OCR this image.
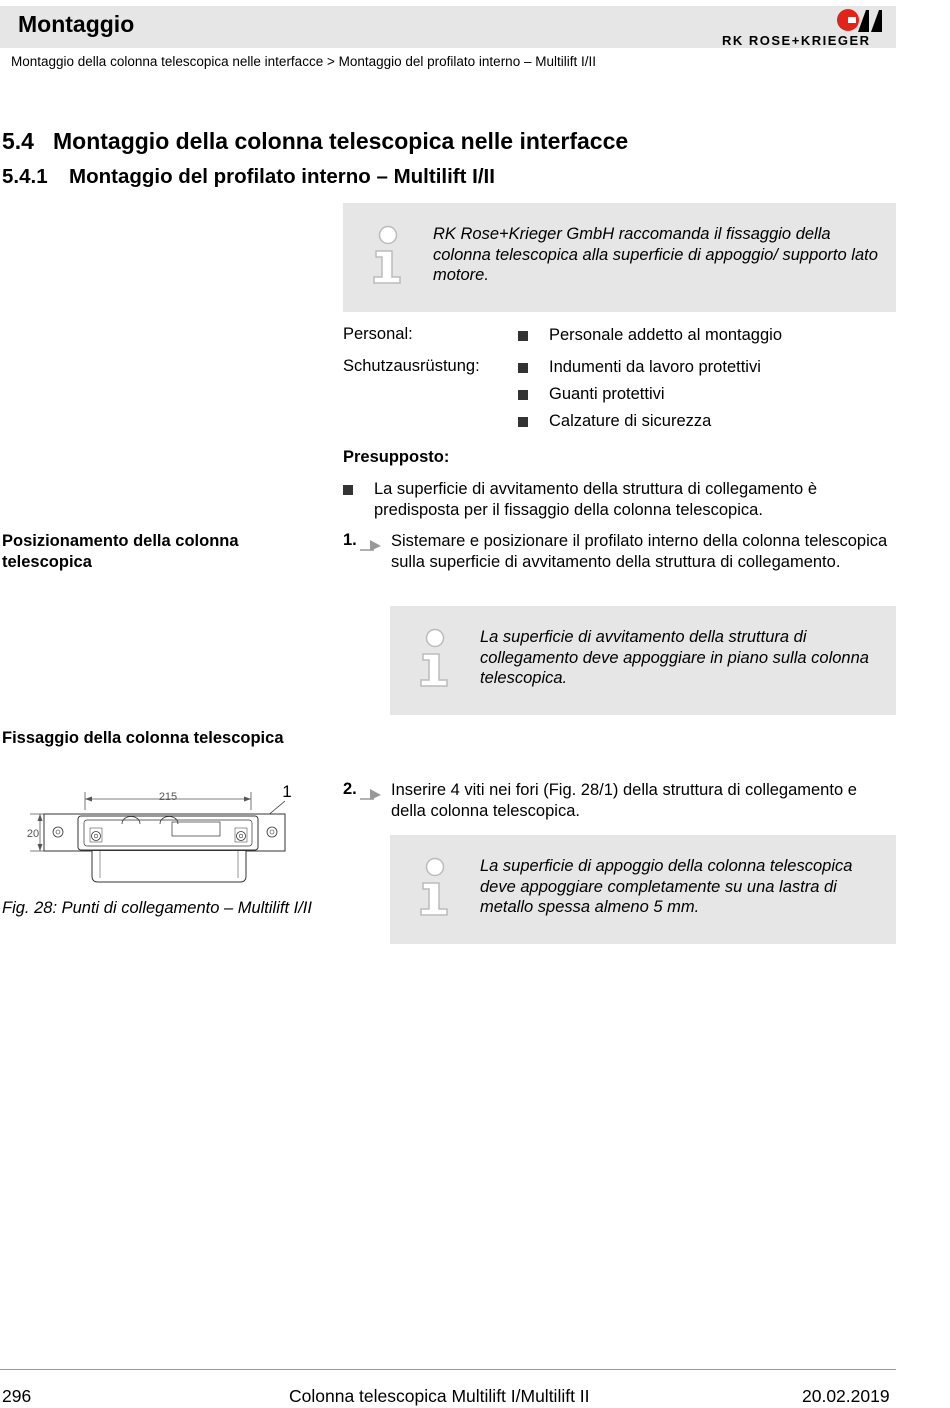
Montaggio
Montaggio della colonna telescopica nelle interfacce > Montaggio del profilato interno – Multilift I/II
RK ROSE+KRIEGER
5.4 Montaggio della colonna telescopica nelle interfacce
5.4.1 Montaggio del profilato interno – Multilift I/II
RK Rose+Krieger GmbH raccomanda il fissaggio della colonna telescopica alla superficie di appoggio/ supporto lato motore.
Personal:	Personale addetto al montaggio
Schutzausrüstung:	Indumenti da lavoro protettivi
Guanti protettivi
Calzature di sicurezza
Presupposto:
La superficie di avvitamento della struttura di collegamento è predisposta per il fissaggio della colonna telescopica.
Posizionamento della colonna telescopica
1. Sistemare e posizionare il profilato interno della colonna telescopica sulla superficie di avvitamento della struttura di collegamento.
La superficie di avvitamento della struttura di collegamento deve appoggiare in piano sulla colonna telescopica.
Fissaggio della colonna telescopica
215	1
20
Fig. 28: Punti di collegamento – Multilift I/II
2. Inserire 4 viti nei fori (Fig. 28/1) della struttura di collegamento e della colonna telescopica.
La superficie di appoggio della colonna telescopica deve appoggiare completamente su una lastra di metallo spessa almeno 5 mm.
296	Colonna telescopica Multilift I/Multilift II	20.02.2019
